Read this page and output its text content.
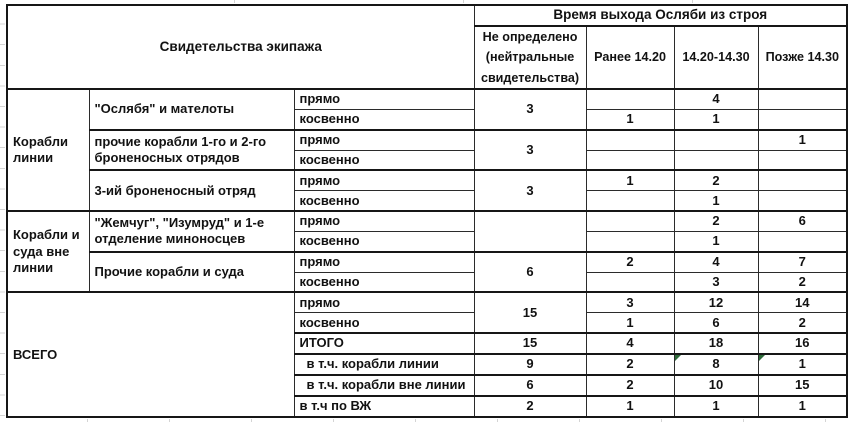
Свидетельства экипажа			Время выхода Осляби из строя			
			Не определено (нейтральные свидетельства)	Ранее 14.20	14.20-14.30	Позже 14.30
Корабли линии	"Ослябя" и мателоты	прямо	3		4	
		косвенно		1	1	
	прочие корабли 1-го и 2-го броненосных отрядов	прямо	3			1
		косвенно				
	3-ий броненосный отряд	прямо	3	1	2	
		косвенно			1	
Корабли и суда вне линии	"Жемчуг", "Изумруд" и 1-е отделение миноносцев	прямо			2	6
		косвенно			1	
	Прочие корабли и суда	прямо	6	2	4	7
		косвенно			3	2
ВСЕГО		прямо	15	3	12	14
		косвенно		1	6	2
		ИТОГО	15	4	18	16
		в т.ч. корабли линии	9	2	8	1
		в т.ч. корабли вне линии	6	2	10	15
		в т.ч по ВЖ	2	1	1	1
